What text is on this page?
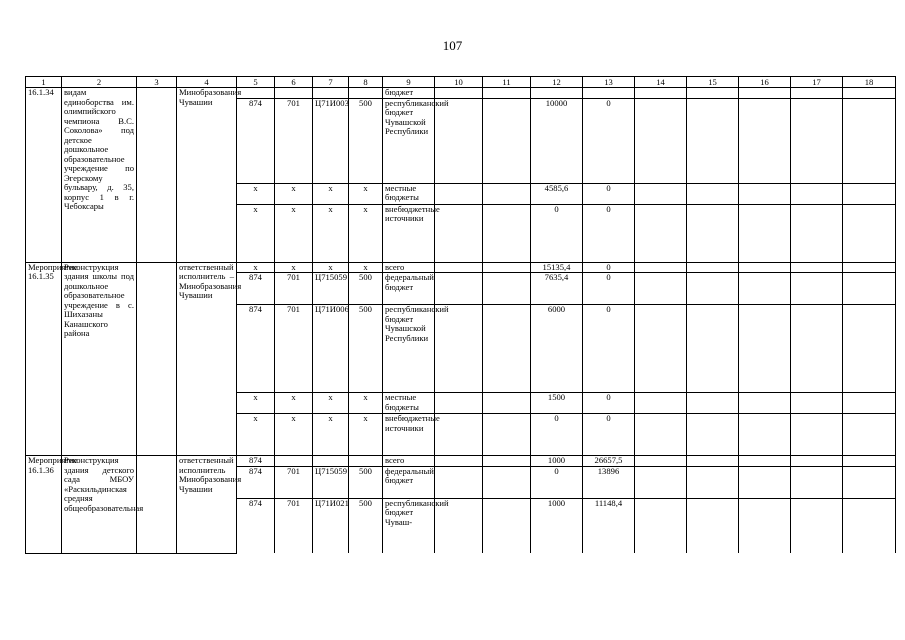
107
1	2	3	4	5	6	7	8	9	10	11	12	13	14	15	16	17	18
16.1.34	видам единоборства им. олимпийского чемпиона В.С. Соколова» под детское дошкольное образовательное учреждение по Эгерскому бульвару, д. 35, корпус 1 в г. Чебоксары		Минобразования Чувашии					бюджет									
				874	701	Ц71И003	500	республиканский бюджет Чувашской Республики			10000	0					
				x	x	x	x	местные бюджеты			4585,6	0					
				x	x	x	x	внебюджетные источники			0	0					
Мероприятие 16.1.35	Реконструкция здания школы под дошкольное образовательное учреждение в с. Шихазаны Канашского района		ответственный исполнитель – Минобразования Чувашии	x	x	x	x	всего			15135,4	0					
				874	701	Ц715059	500	федеральный бюджет			7635,4	0					
				874	701	Ц71И006	500	республиканский бюджет Чувашской Республики			6000	0					
				x	x	x	x	местные бюджеты			1500	0					
				x	x	x	x	внебюджетные источники			0	0					
Мероприятие 16.1.36	Реконструкция здания детского сада МБОУ «Раскильдинская средняя общеобразовательная		ответственный исполнитель Минобразования Чувашии	874				всего			1000	26657,5					
				874	701	Ц715059	500	федеральный бюджет			0	13896					
				874	701	Ц71И021	500	республиканский бюджет Чуваш-			1000	11148,4					
